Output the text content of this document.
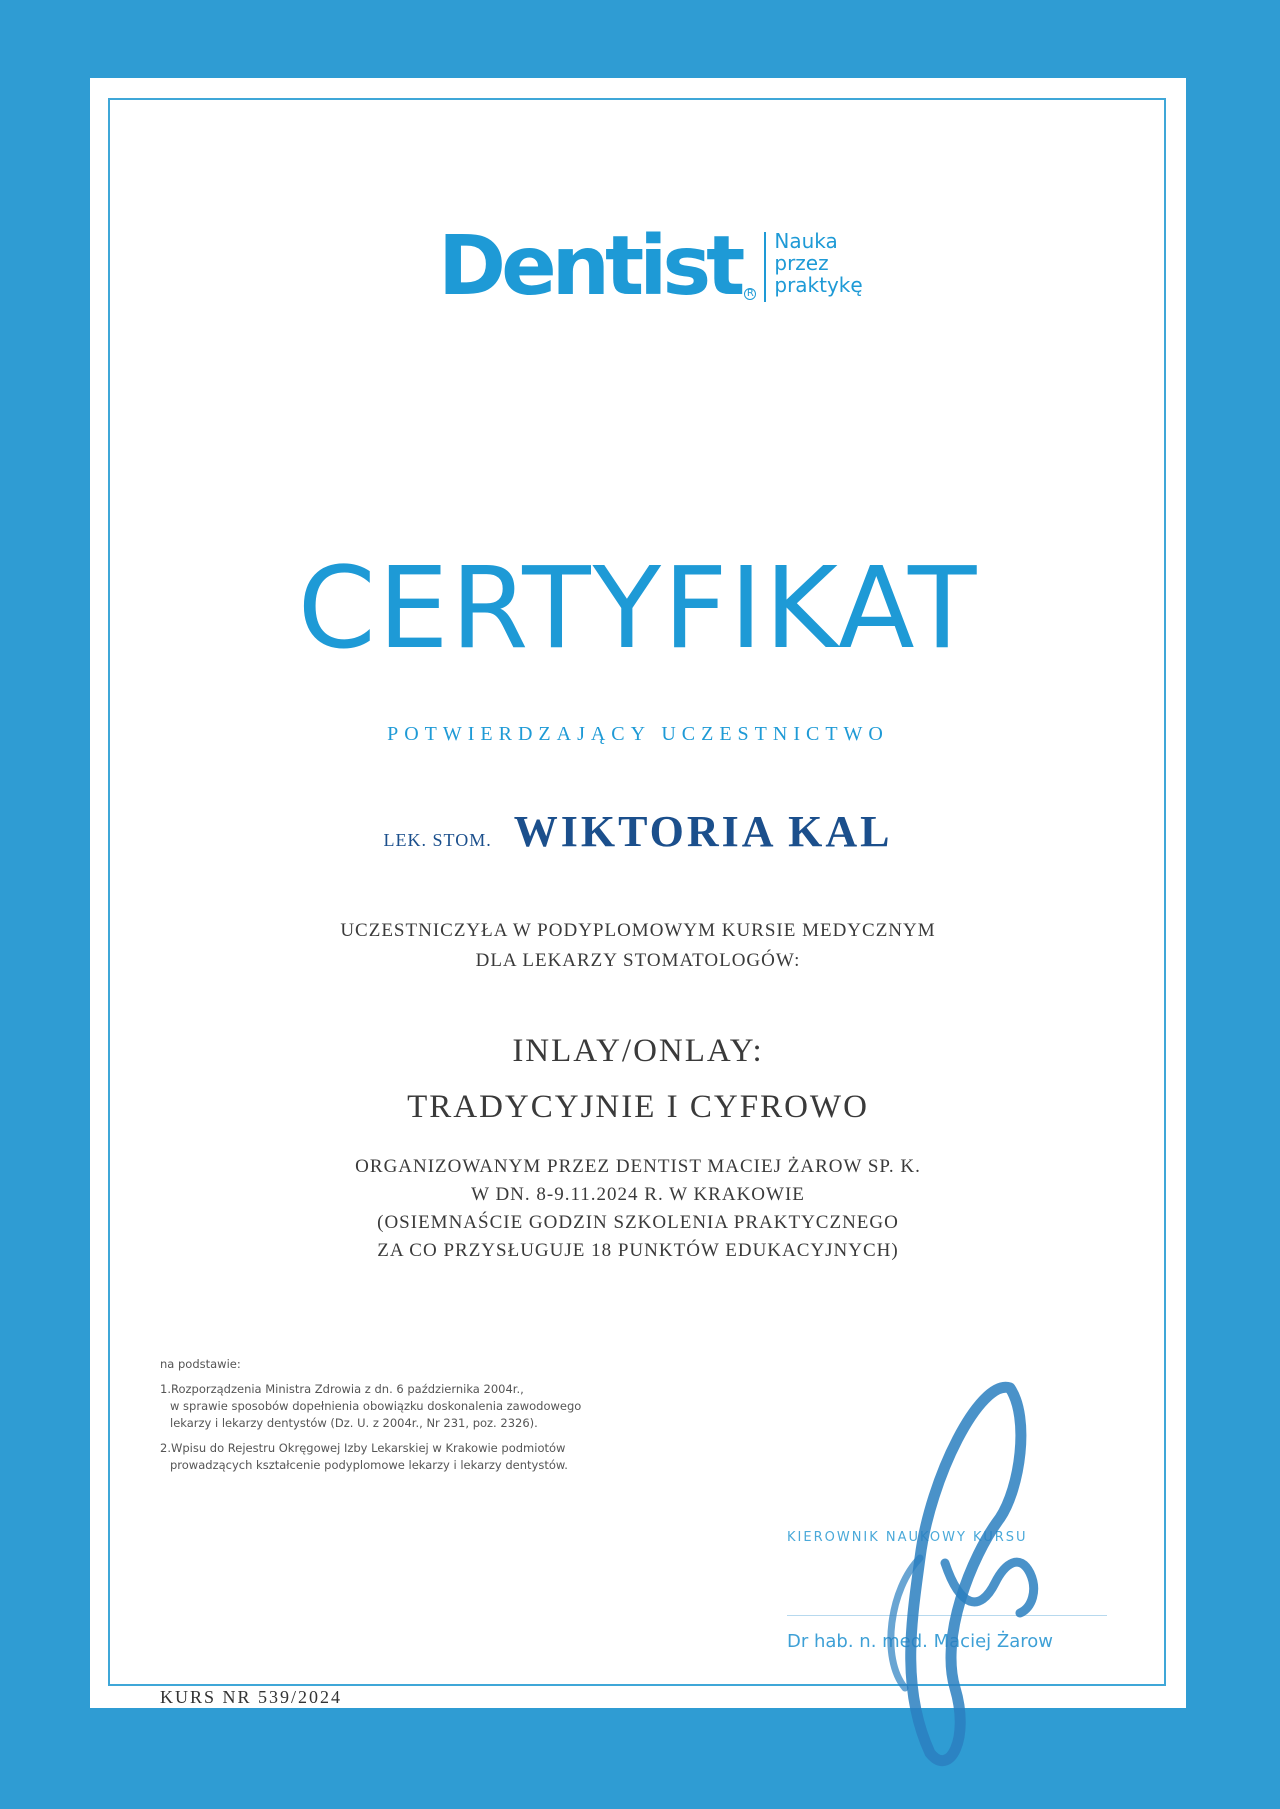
Dentist R
Nauka
przez
praktykę
CERTYFIKAT
POTWIERDZAJĄCY UCZESTNICTWO
LEK. STOM. WIKTORIA KAL
UCZESTNICZYŁA W PODYPLOMOWYM KURSIE MEDYCZNYM
DLA LEKARZY STOMATOLOGÓW:
INLAY/ONLAY:
TRADYCYJNIE I CYFROWO
ORGANIZOWANYM PRZEZ DENTIST MACIEJ ŻAROW SP. K.
W DN. 8-9.11.2024 R. W KRAKOWIE
(OSIEMNAŚCIE GODZIN SZKOLENIA PRAKTYCZNEGO
ZA CO PRZYSŁUGUJE 18 PUNKTÓW EDUKACYJNYCH)
na podstawie:
1.Rozporządzenia Ministra Zdrowia z dn. 6 października 2004r.,
w sprawie sposobów dopełnienia obowiązku doskonalenia zawodowego
lekarzy i lekarzy dentystów (Dz. U. z 2004r., Nr 231, poz. 2326).
2.Wpisu do Rejestru Okręgowej Izby Lekarskiej w Krakowie podmiotów
prowadzących kształcenie podyplomowe lekarzy i lekarzy dentystów.
KIEROWNIK NAUKOWY KURSU
Dr hab. n. med. Maciej Żarow
KURS NR 539/2024
